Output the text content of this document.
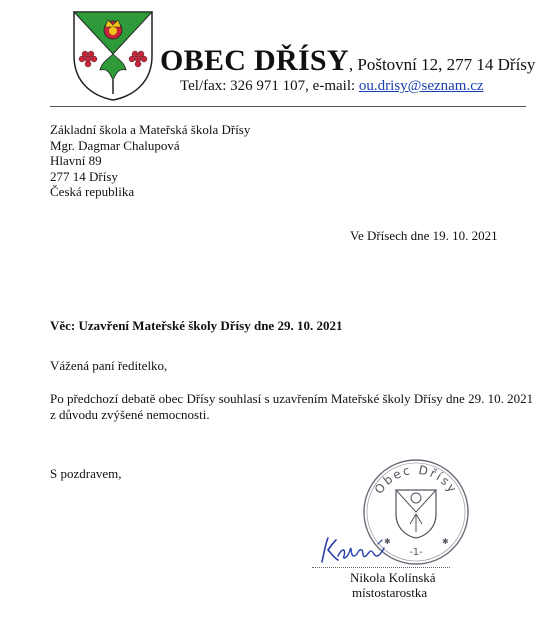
OBEC DŘÍSY, Poštovní 12, 277 14 Dřísy
Tel/fax: 326 971 107, e-mail: ou.drisy@seznam.cz
Základní škola a Mateřská škola Dřísy
Mgr. Dagmar Chalupová
Hlavní 89
277 14 Dřísy
Česká republika
Ve Dřísech dne 19. 10. 2021
Věc: Uzavření Mateřské školy Dřísy dne 29. 10. 2021
Vážená paní ředitelko,
Po předchozí debatě obec Dřísy souhlasí s uzavřením Mateřské školy Dřísy dne 29. 10. 2021
z důvodu zvýšené nemocnosti.
S pozdravem,
Obec Dřísy
-1-
✱	✱
Nikola Kolínská
místostarostka
